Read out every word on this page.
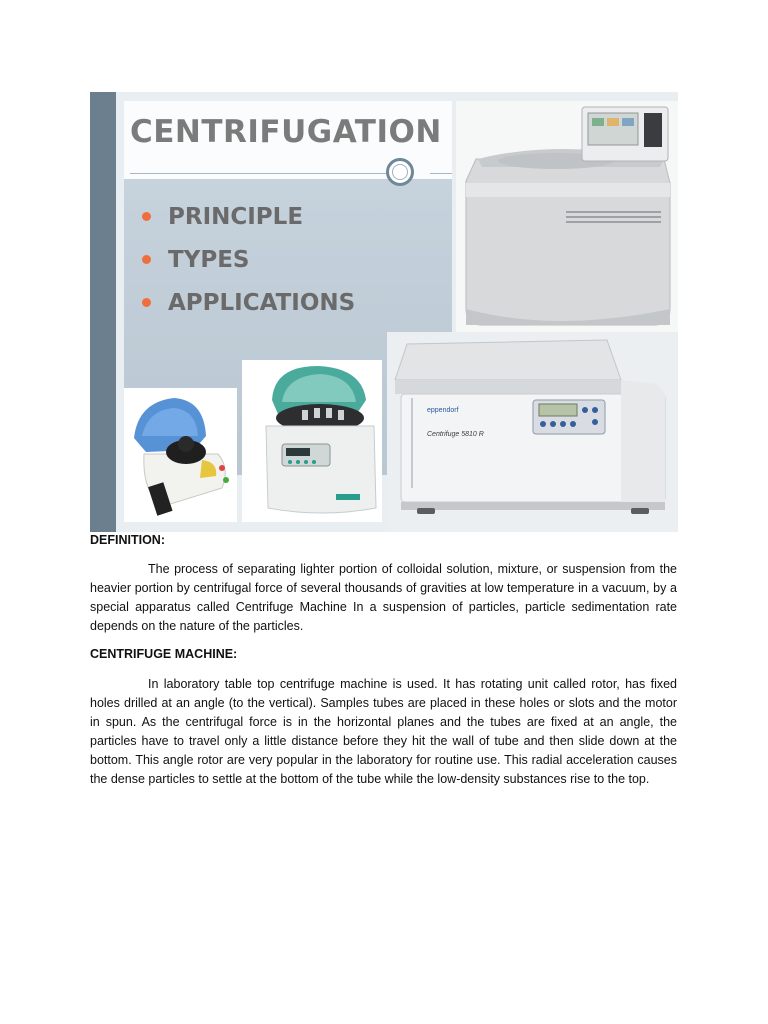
CENTRIFUGATION
PRINCIPLE
TYPES
APPLICATIONS
eppendorf
Centrifuge 5810 R
DEFINITION:

The process of separating lighter portion of colloidal solution, mixture, or suspension from the heavier portion by centrifugal force of several thousands of gravities at low temperature in a vacuum, by a special apparatus called Centrifuge Machine In a suspension of particles, particle sedimentation rate depends on the nature of the particles.

CENTRIFUGE MACHINE:

In laboratory table top centrifuge machine is used. It has rotating unit called rotor, has fixed holes drilled at an angle (to the vertical). Samples tubes are placed in these holes or slots and the motor in spun. As the centrifugal force is in the horizontal planes and the tubes are fixed at an angle, the particles have to travel only a little distance before they hit the wall of tube and then slide down at the bottom. This angle rotor are very popular in the laboratory for routine use. This radial acceleration causes the dense particles to settle at the bottom of the tube while the low-density substances rise to the top.
